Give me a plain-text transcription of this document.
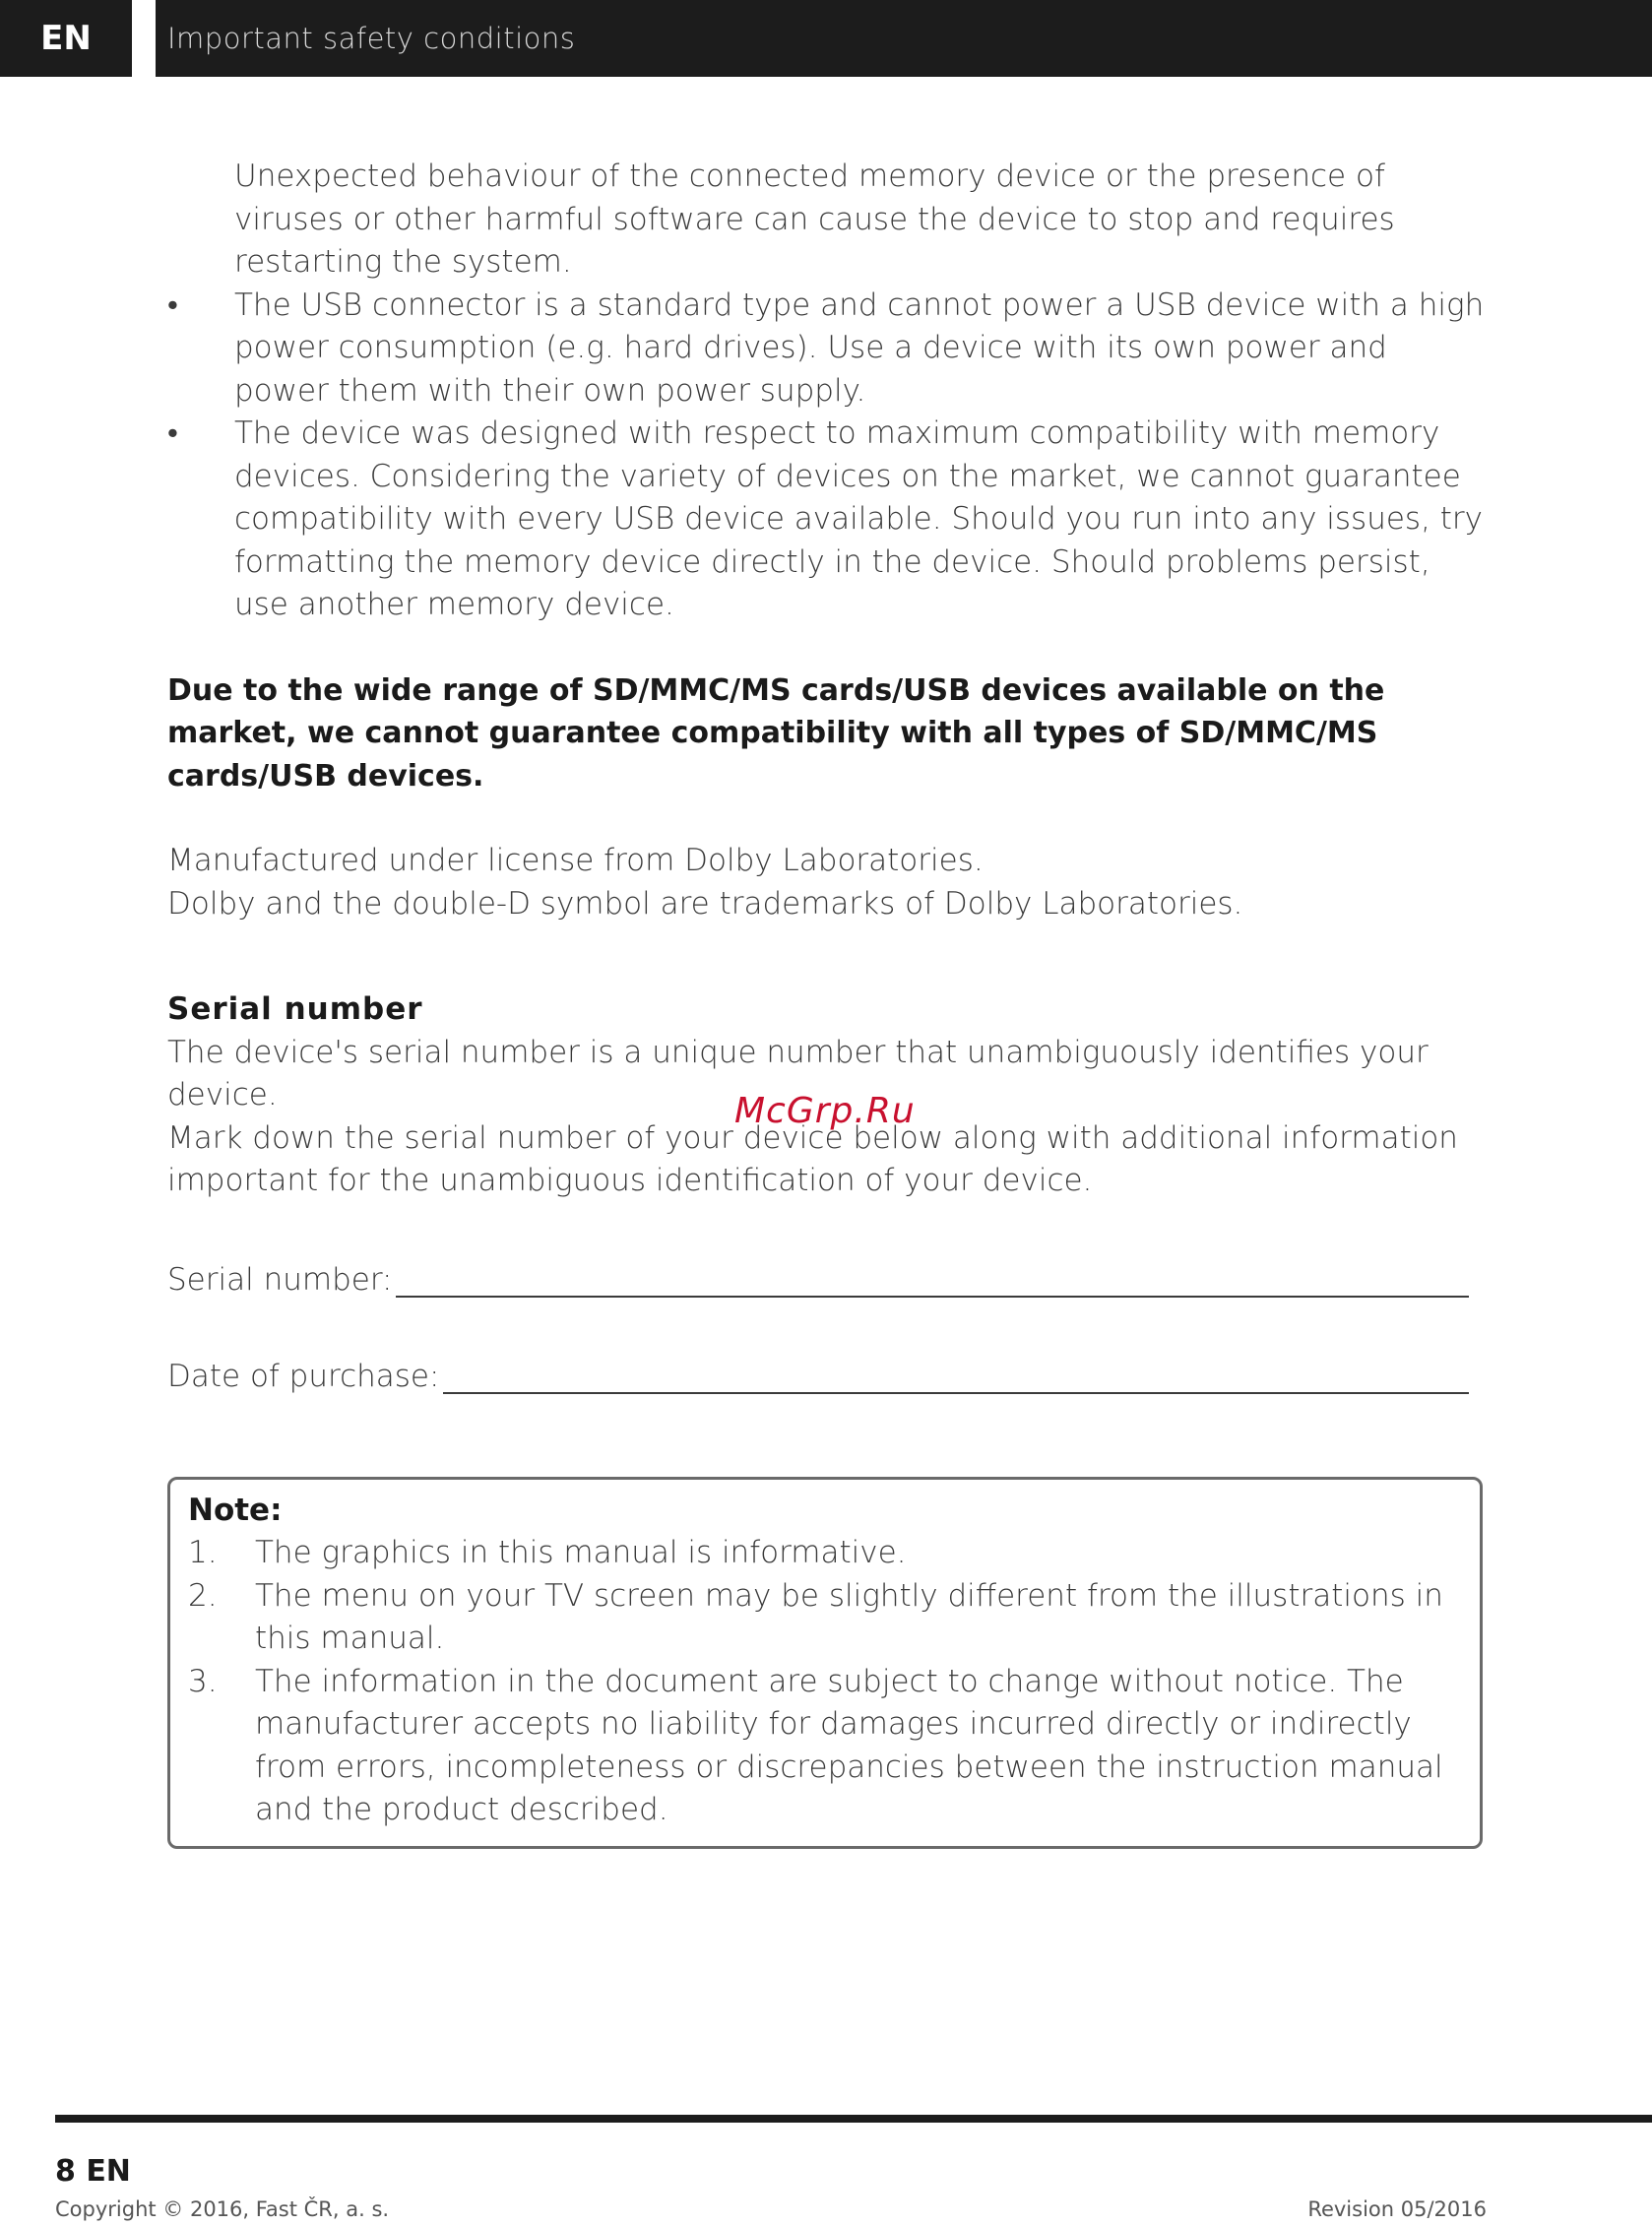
EN	Important safety conditions

Unexpected behaviour of the connected memory device or the presence of viruses or other harmful software can cause the device to stop and requires restarting the system.

• The USB connector is a standard type and cannot power a USB device with a high power consumption (e.g. hard drives). Use a device with its own power and power them with their own power supply.
• The device was designed with respect to maximum compatibility with memory devices. Considering the variety of devices on the market, we cannot guarantee compatibility with every USB device available. Should you run into any issues, try formatting the memory device directly in the device. Should problems persist, use another memory device.

Due to the wide range of SD/MMC/MS cards/USB devices available on the market, we cannot guarantee compatibility with all types of SD/MMC/MS cards/USB devices.

Manufactured under license from Dolby Laboratories.

Dolby and the double-D symbol are trademarks of Dolby Laboratories.

Serial number

The device's serial number is a unique number that unambiguously identifies your device.

Mark down the serial number of your device below along with additional information important for the unambiguous identification of your device.

Serial number:
Date of purchase:

Note:

1. The graphics in this manual is informative.
2. The menu on your TV screen may be slightly different from the illustrations in this manual.
3. The information in the document are subject to change without notice. The manufacturer accepts no liability for damages incurred directly or indirectly from errors, incompleteness or discrepancies between the instruction manual and the product described.
McGrp.Ru
8 EN
Copyright © 2016, Fast ČR, a. s.	Revision 05/2016
